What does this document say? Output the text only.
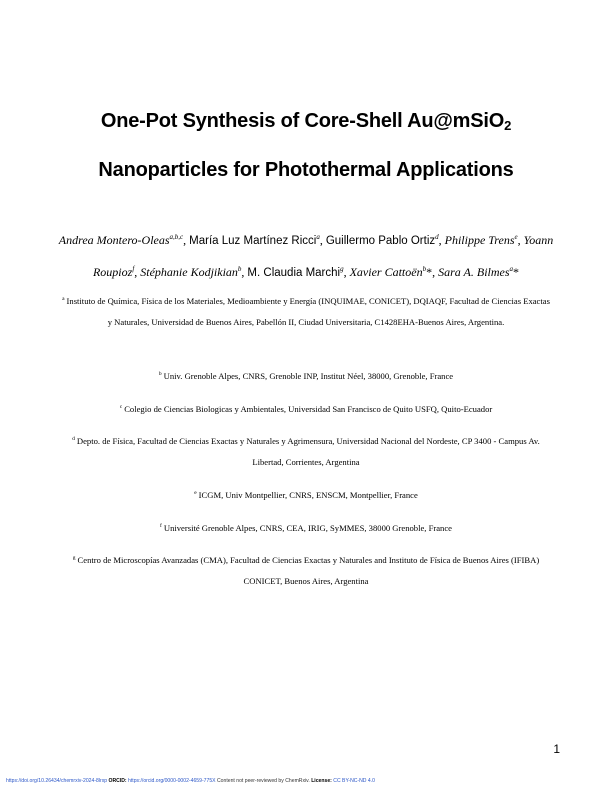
One-Pot Synthesis of Core-Shell Au@mSiO$_2$
Nanoparticles for Photothermal Applications
Andrea Montero-Oleas$^{a,b,c}$, María Luz Martínez Ricci$^a$, Guillermo Pablo Ortiz$^d$, Philippe Trens$^e$, Yoann Roupioz$^f$, Stéphanie Kodjikian$^b$, M. Claudia Marchi$^g$, Xavier Cattoën$^b$*, Sara A. Bilmes$^a$*
$^a$ Instituto de Química, Física de los Materiales, Medioambiente y Energía (INQUIMAE, CONICET), DQIAQF, Facultad de Ciencias Exactas y Naturales, Universidad de Buenos Aires, Pabellón II, Ciudad Universitaria, C1428EHA-Buenos Aires, Argentina.
$^b$ Univ. Grenoble Alpes, CNRS, Grenoble INP, Institut Néel, 38000, Grenoble, France
$^c$ Colegio de Ciencias Biologicas y Ambientales, Universidad San Francisco de Quito USFQ, Quito-Ecuador
$^d$ Depto. de Física, Facultad de Ciencias Exactas y Naturales y Agrimensura, Universidad Nacional del Nordeste, CP 3400 - Campus Av. Libertad, Corrientes, Argentina
$^e$ ICGM, Univ Montpellier, CNRS, ENSCM, Montpellier, France
$^f$ Université Grenoble Alpes, CNRS, CEA, IRIG, SyMMES, 38000 Grenoble, France
$^g$ Centro de Microscopías Avanzadas (CMA), Facultad de Ciencias Exactas y Naturales and Instituto de Física de Buenos Aires (IFIBA) CONICET, Buenos Aires, Argentina
1
https://doi.org/10.26434/chemrxiv-2024-8lrxp ORCID: https://orcid.org/0000-0002-4659-775X Content not peer-reviewed by ChemRxiv. License: CC BY-NC-ND 4.0
